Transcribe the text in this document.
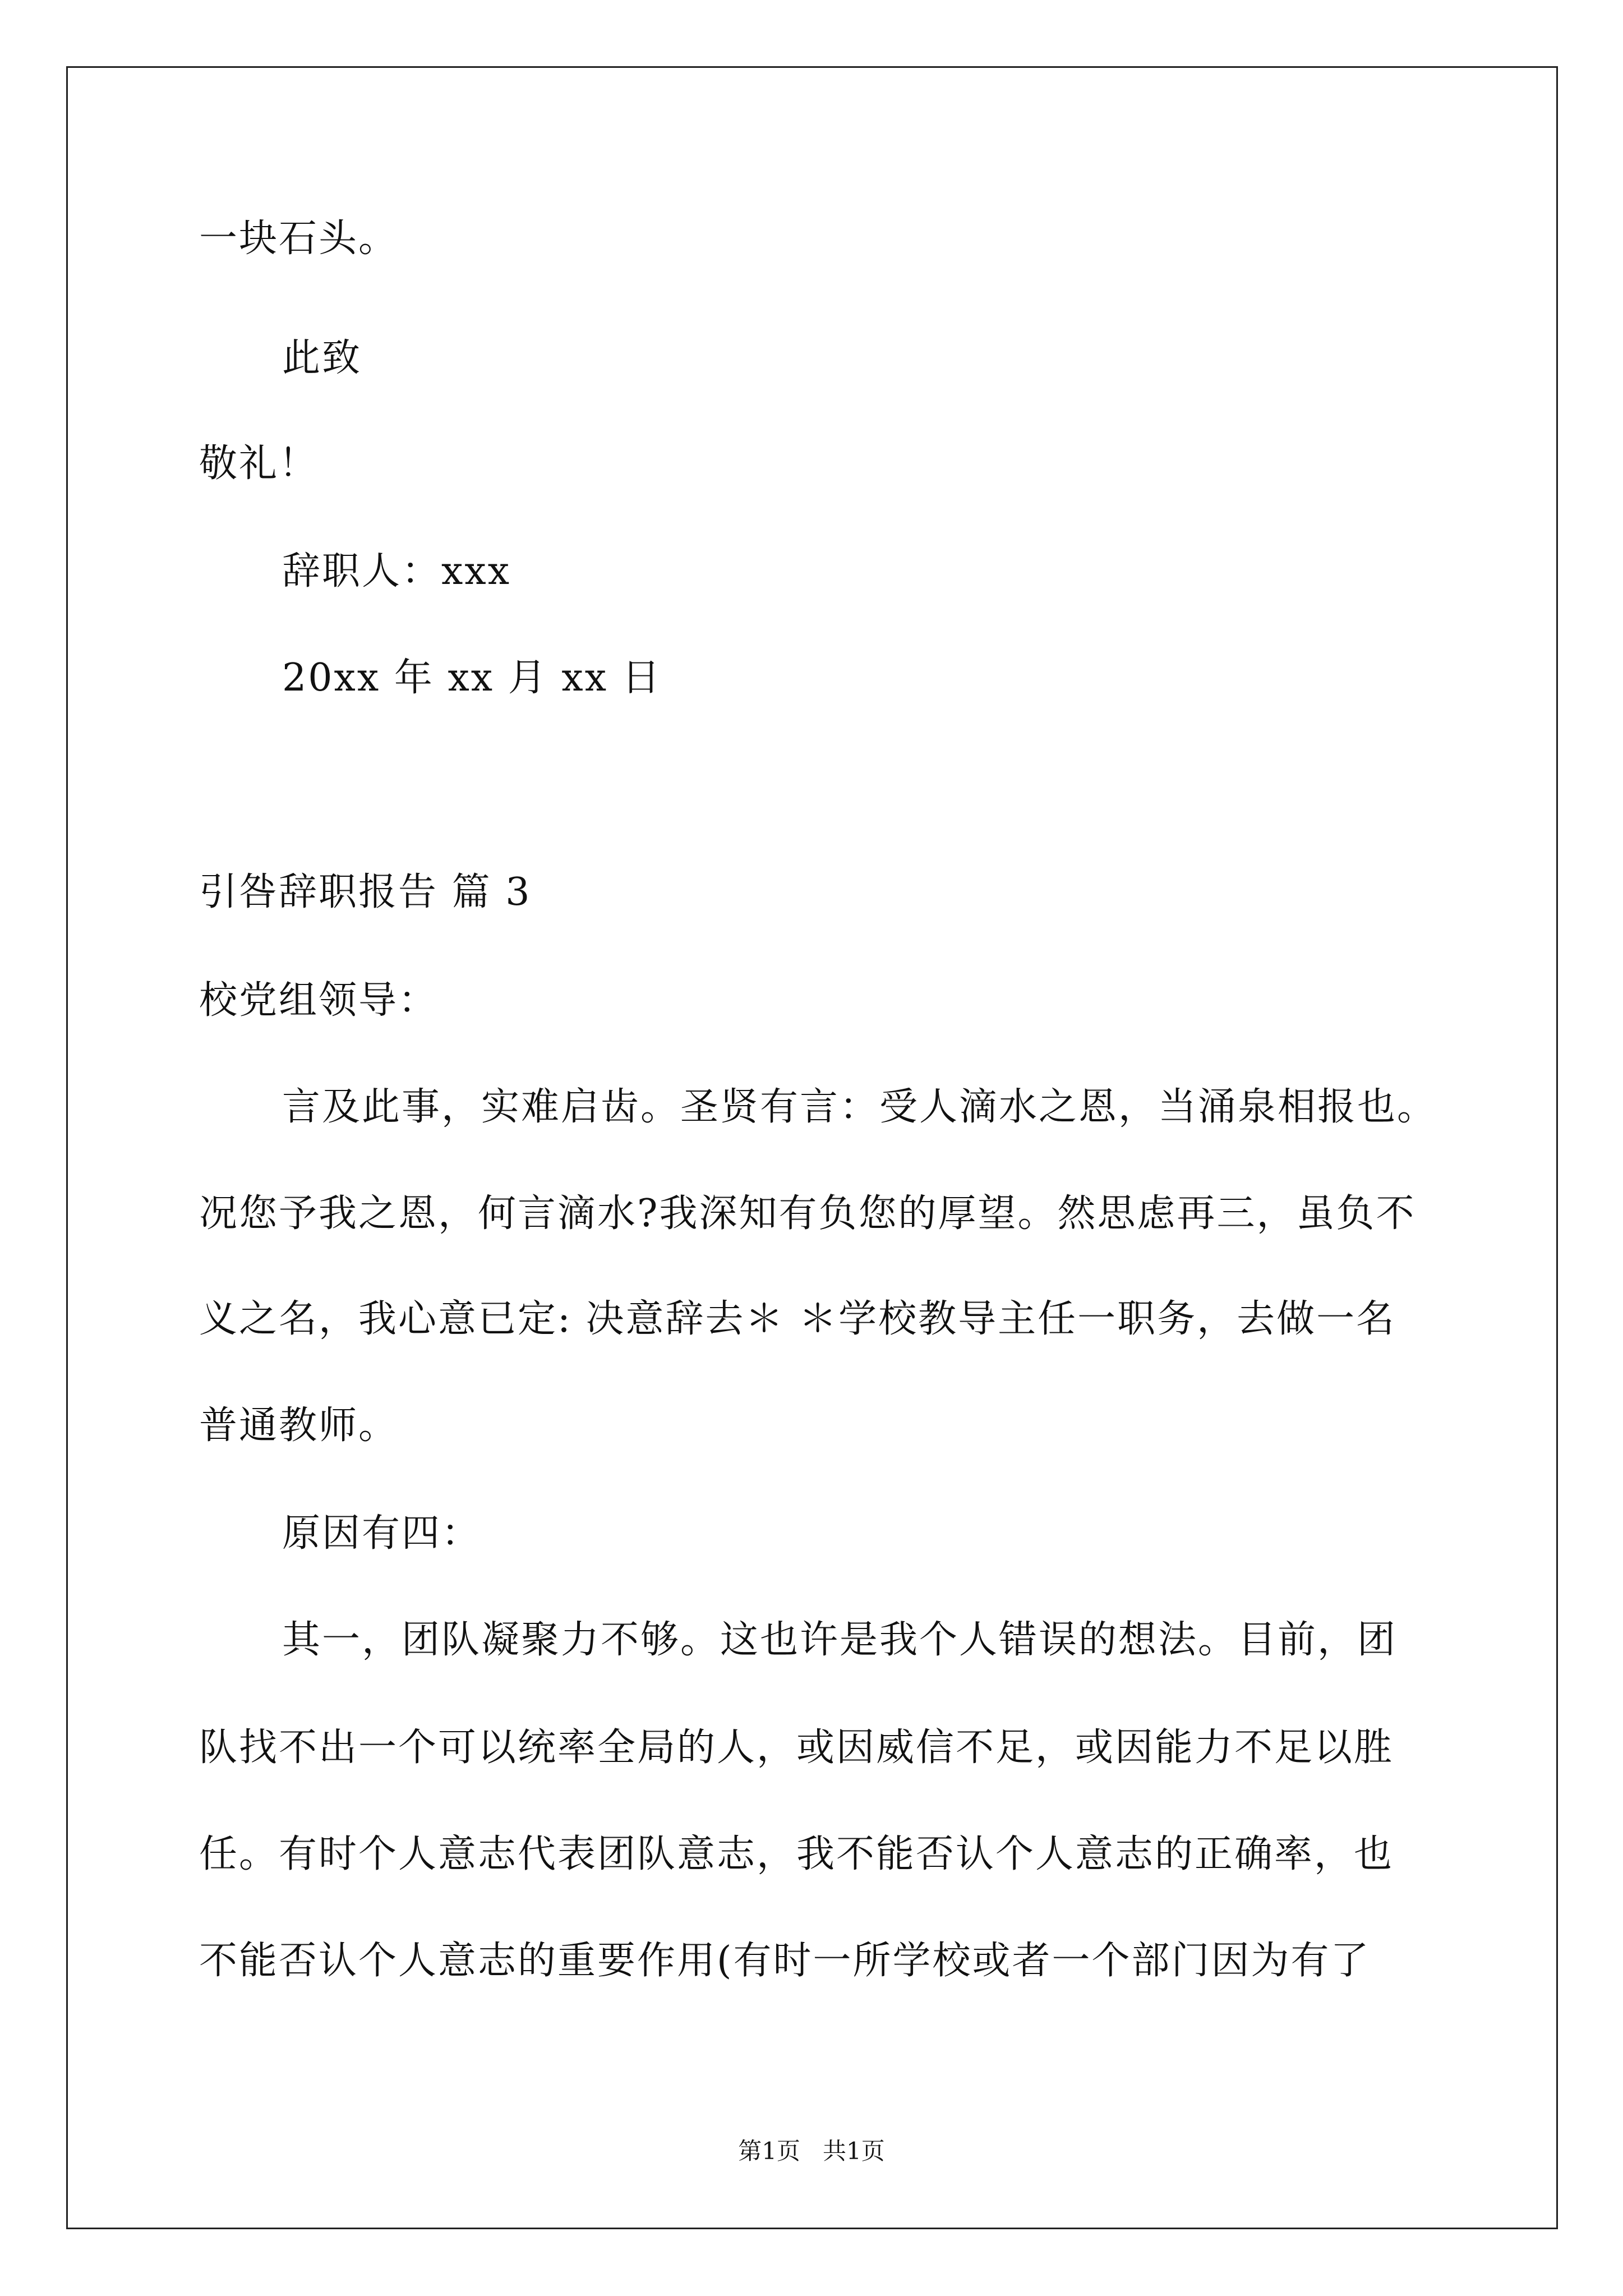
一块石头。
此致
敬礼！
辞职人：xxx
20xx 年 xx 月 xx 日
引咎辞职报告 篇 3
校党组领导：
言及此事，实难启齿。圣贤有言：受人滴水之恩，当涌泉相报也。
况您予我之恩，何言滴水?我深知有负您的厚望。然思虑再三，虽负不
义之名，我心意已定: 决意辞去＊ ＊学校教导主任一职务，去做一名
普通教师。
原因有四：
其一，团队凝聚力不够。这也许是我个人错误的想法。目前，团
队找不出一个可以统率全局的人，或因威信不足，或因能力不足以胜
任。有时个人意志代表团队意志，我不能否认个人意志的正确率，也
不能否认个人意志的重要作用(有时一所学校或者一个部门因为有了
第1页   共1页
